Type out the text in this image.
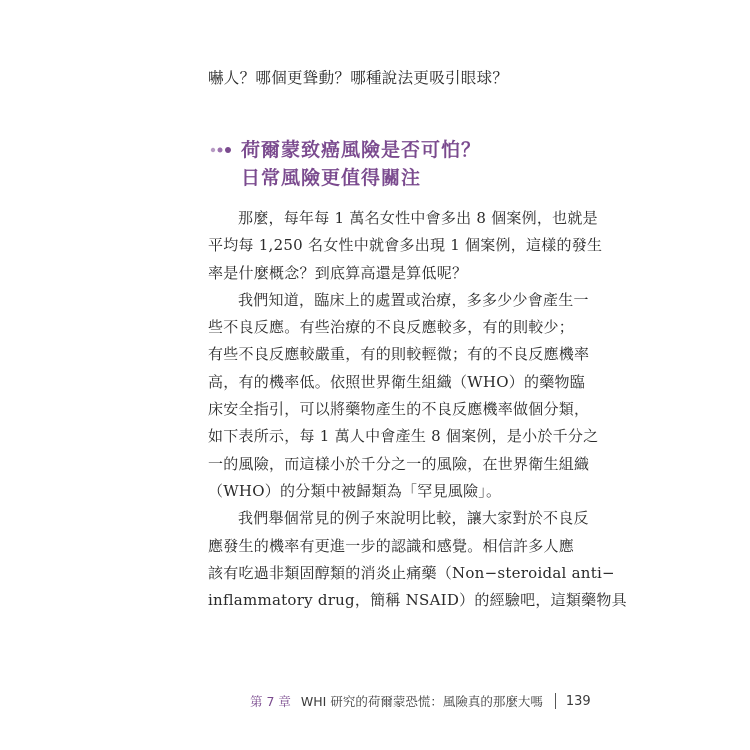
嚇人？哪個更聳動？哪種說法更吸引眼球？
荷爾蒙致癌風險是否可怕？
日常風險更值得關注
那麼，每年每 1 萬名女性中會多出 8 個案例，也就是
平均每 1,250 名女性中就會多出現 1 個案例，這樣的發生
率是什麼概念？到底算高還是算低呢？
我們知道，臨床上的處置或治療，多多少少會產生一
些不良反應。有些治療的不良反應較多，有的則較少；
有些不良反應較嚴重，有的則較輕微；有的不良反應機率
高，有的機率低。依照世界衛生組織（WHO）的藥物臨
床安全指引，可以將藥物產生的不良反應機率做個分類，
如下表所示，每 1 萬人中會產生 8 個案例，是小於千分之
一的風險，而這樣小於千分之一的風險，在世界衛生組織
（WHO）的分類中被歸類為「罕見風險」。
我們舉個常見的例子來說明比較，讓大家對於不良反
應發生的機率有更進一步的認識和感覺。相信許多人應
該有吃過非類固醇類的消炎止痛藥（Non−steroidal anti−
inflammatory drug，簡稱 NSAID）的經驗吧，這類藥物具
第 7 章 WHI 研究的荷爾蒙恐慌：風險真的那麼大嗎 139
